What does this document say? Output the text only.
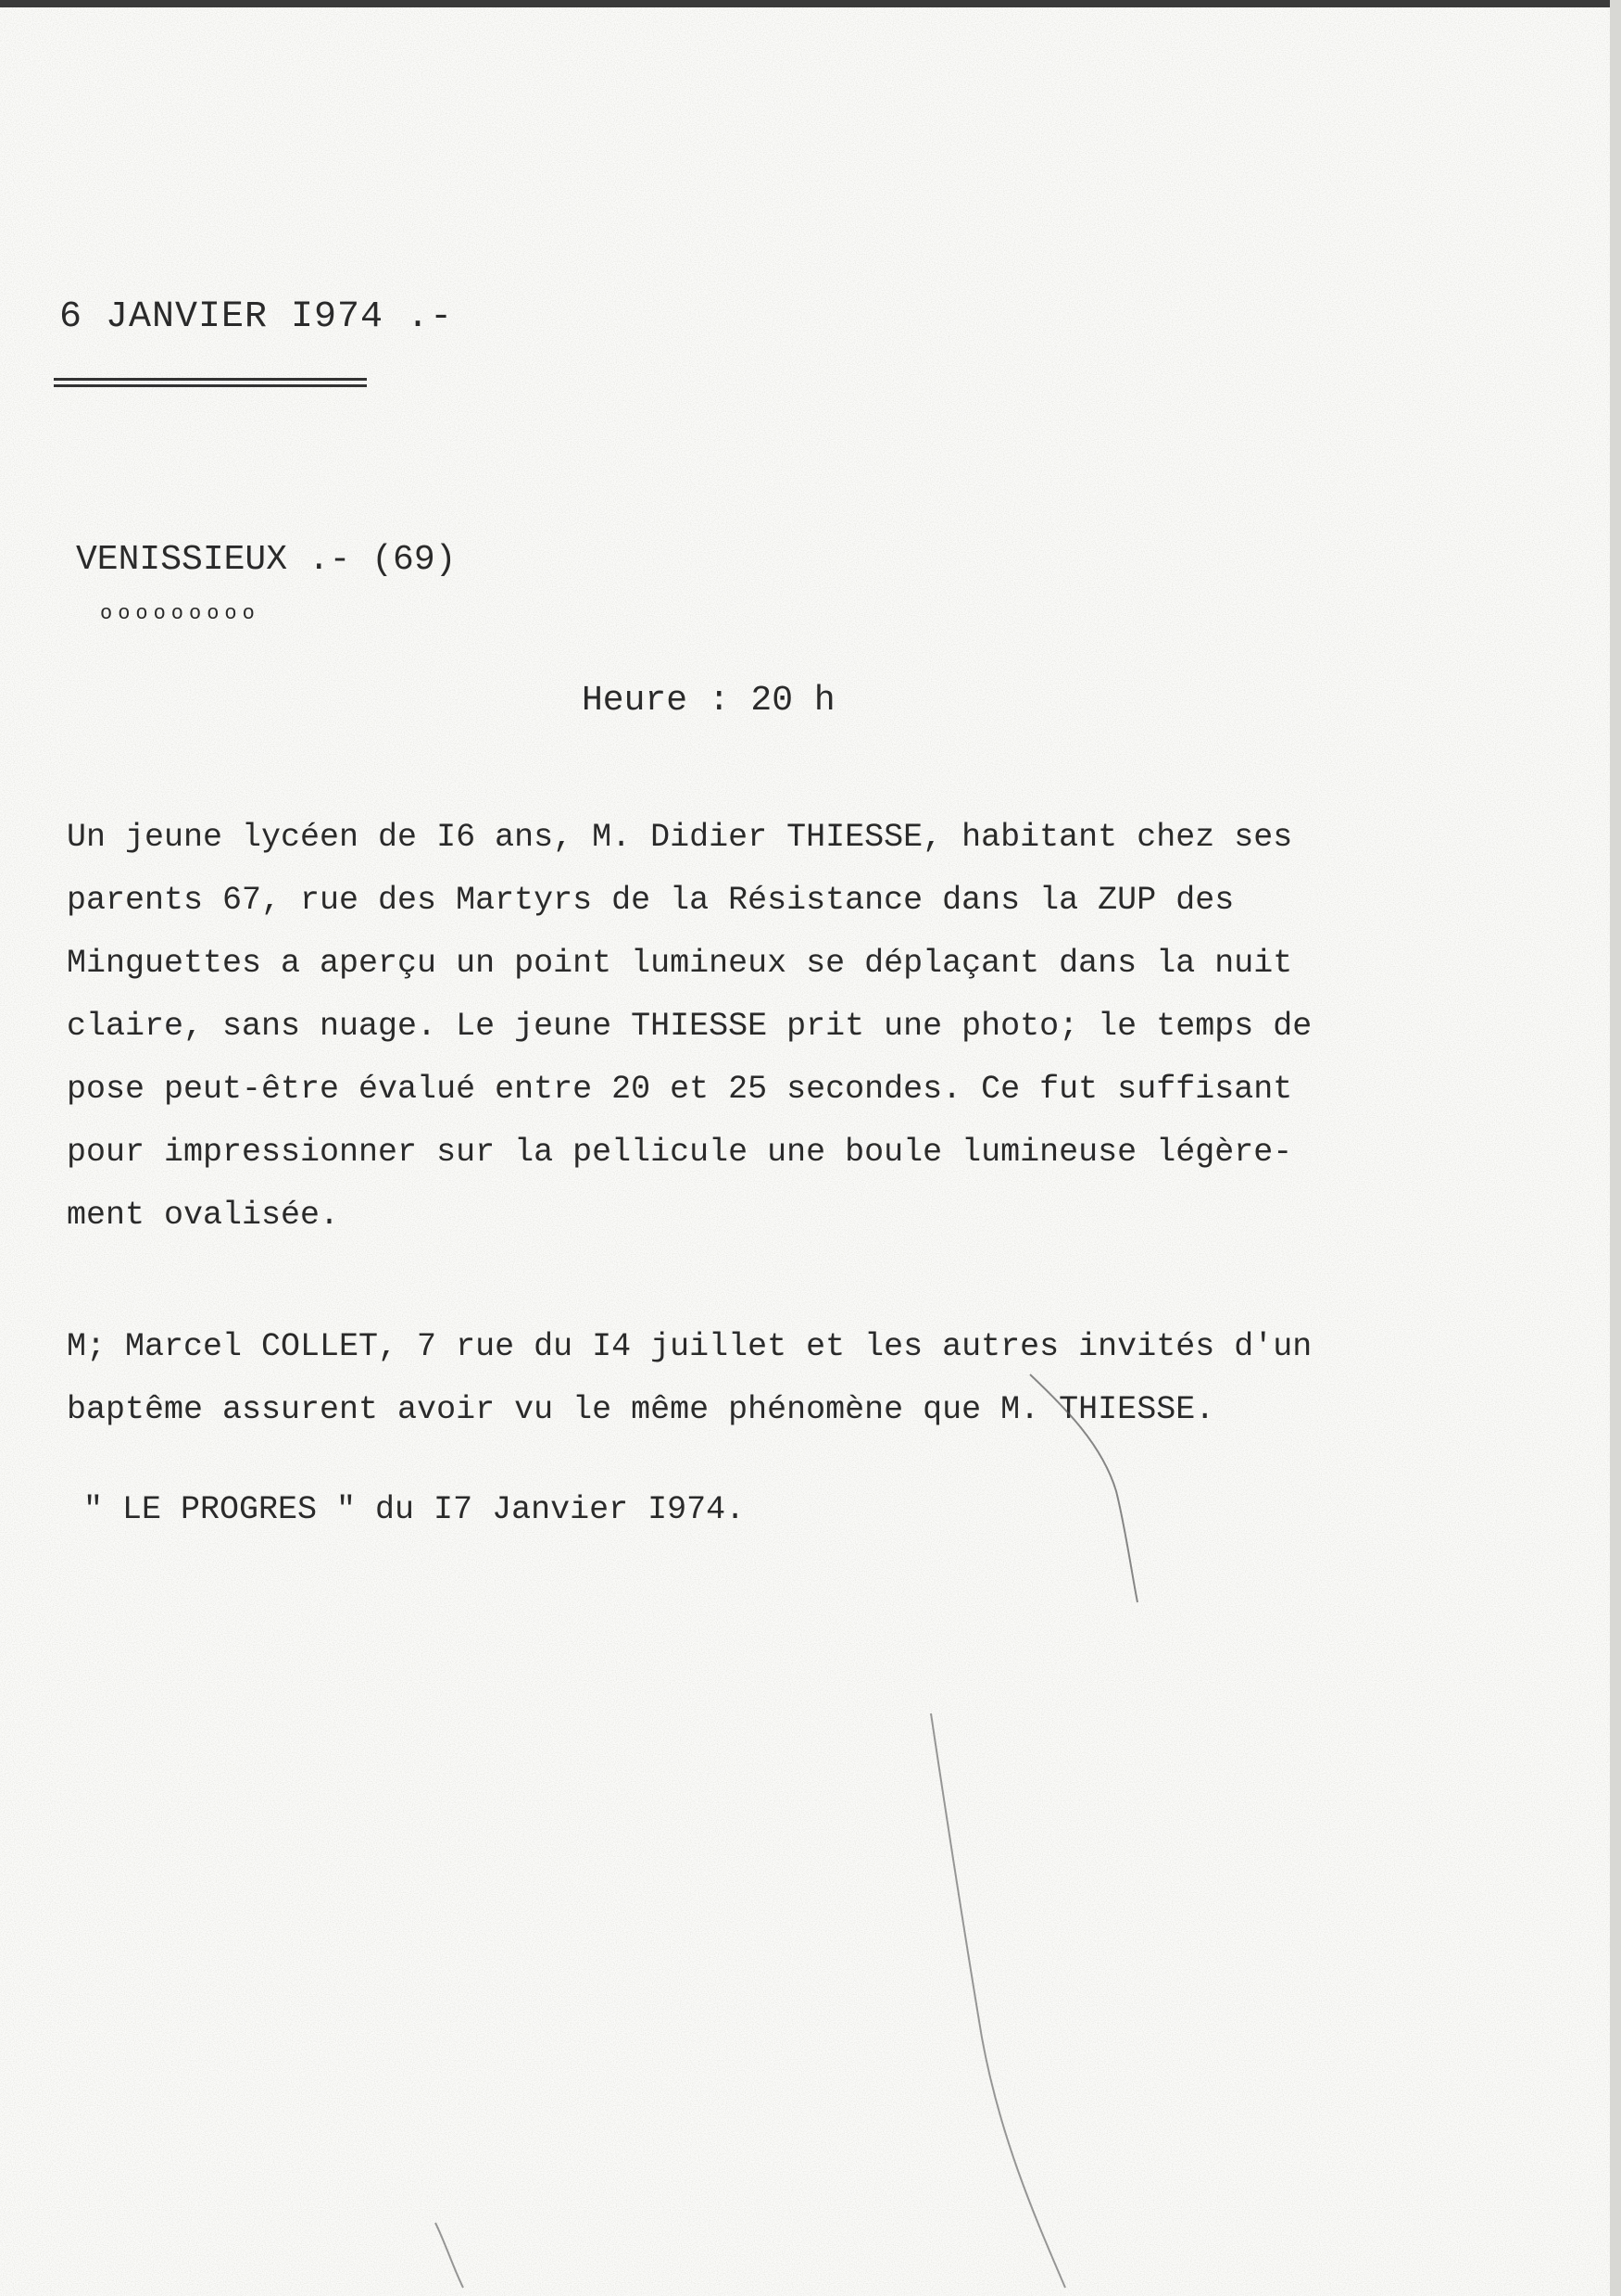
6 JANVIER I974 .-
VENISSIEUX .- (69)
ooooooooo
Heure : 20 h
Un jeune lycéen de I6 ans, M. Didier THIESSE, habitant chez ses
parents 67, rue des Martyrs de la Résistance dans la ZUP des
Minguettes a aperçu un point lumineux se déplaçant dans la nuit
claire, sans nuage. Le jeune THIESSE prit une photo; le temps de
pose peut-être évalué entre 20 et 25 secondes. Ce fut suffisant
pour impressionner sur la pellicule une boule lumineuse légère-
ment ovalisée.
M; Marcel COLLET, 7 rue du I4 juillet et les autres invités d'un
baptême assurent avoir vu le même phénomène que M. THIESSE.
" LE PROGRES " du I7 Janvier I974.
